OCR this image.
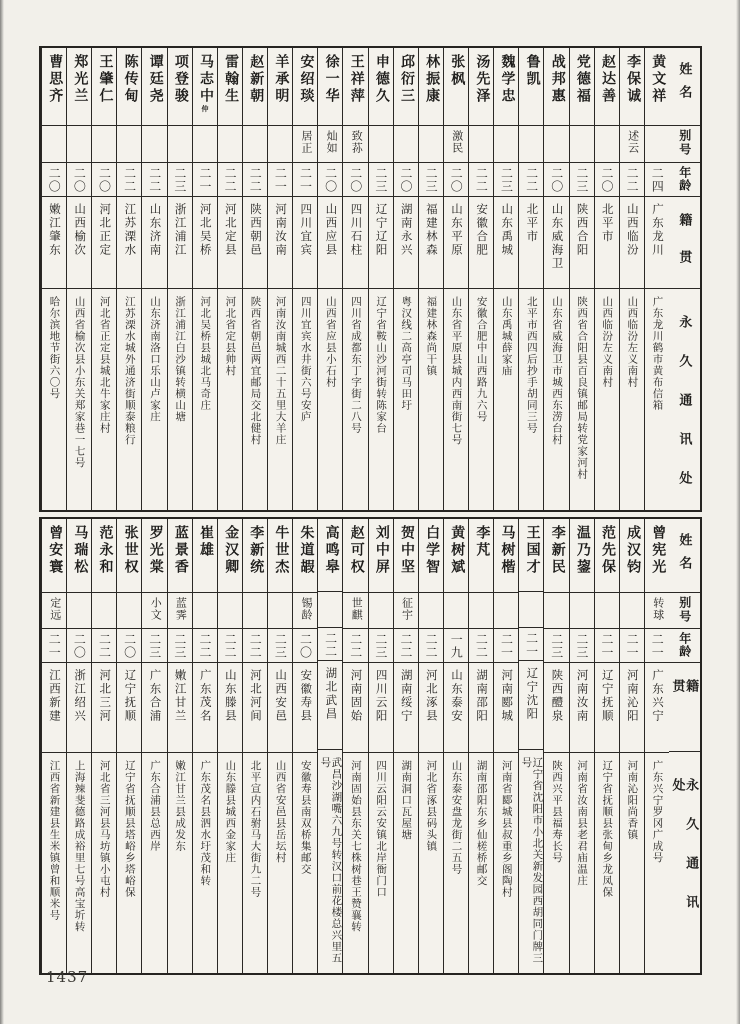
姓名
别号
年龄
籍贯
永久通讯处
黄文祥
二四
广东龙川
广东龙川鹤市黄布信箱
李保诚
述云
二二
山西临汾
山西临汾左义南村
赵达善
二〇
北平市
山西临汾左义南村
党德福
二三
陕西合阳
陕西省合阳县百良镇邮局转党家河村
战邦惠
二〇
山东威海卫
山东省威海卫市城西东涝台村
鲁凯
二二
北平市
北平市西四后抄手胡同三号
魏学忠
二三
山东禹城
山东禹城薛家庙
汤先泽
二二
安徽合肥
安徽合肥中山西路九六号
张枫
激民
二〇
山东平原
山东省平原县城内西南街七号
林振康
二三
福建林森
福建林森尚干镇
邱衍三
二〇
湖南永兴
粤汉线二高亭司马田圩
申德久
二三
辽宁辽阳
辽宁省鞍山沙河街转陈家台
王祥萍
致荪
二〇
四川石柱
四川省成都东丁字街二八号
徐一华
灿如
二〇
山西应县
山西省应县小石村
安绍琰
居正
二一
四川宜宾
四川宜宾水井街六号安庐
羊承明
二一
河南汝南
河南汝南城西二十五里大羊庄
赵新朝
二二
陕西朝邑
陕西省朝邑两宜邮局交北健村
雷翰生
二二
河北定县
河北省定县帅村
马志中仲
二一
河北吴桥
河北吴桥县城北马奇庄
项登骏
二三
浙江浦江
浙江浦江白沙镇转横山塘
谭廷尧
二二
山东济南
山东济南洛口乐山卢家庄
陈传甸
二二
江苏溧水
江苏溧水城外通济街顺泰粮行
王肇仁
二〇
河北正定
河北省正定县城北牛家庄村
郑光兰
二〇
山西榆次
山西省榆次县小东关郑家巷一七号
曹思齐
二〇
嫩江肇东
哈尔滨地节街六〇号
姓名
别号
年龄
籍贯
永久通讯处
曾宪光
转球
二一
广东兴宁
广东兴宁罗冈广成号
成汉钧
二一
河南沁阳
河南沁阳尚香镇
范先保
二一
辽宁抚顺
辽宁省抚顺县张甸乡龙凤保
温乃鋆
二三
河南汝南
河南省汝南县老君庙温庄
李新民
二三
陕西醴泉
陕西兴平县福寿长号
王国才
二一
辽宁沈阳
辽宁省沈阳市小北关新发园西胡同门牌三号
马树楷
二一
河南郾城
河南省郾城县叔重乡阁陶村
李芃
二二
湖南邵阳
湖南邵阳东乡仙槎桥邮交
黄树斌
一九
山东泰安
山东泰安盘龙街二五号
白学智
二二
河北涿县
河北省涿县码头镇
贺中坚
征宇
二二
湖南绥宁
湖南洞口瓦屋塘
刘中屏
二三
四川云阳
四川云阳云安镇北岸衙门口
赵可权
世麒
二二
河南固始
河南固始县东关七株树巷王赞襄转
高鸣皋
二二
湖北武昌
武昌沙湖嘴六九号转汉口前花楼总兴里五号
朱道嘏
锡龄
二〇
安徽寿县
安徽寿县南双桥集邮交
牛世杰
二三
山西安邑
山西省安邑县岳坛村
李新统
二二
河北河间
北平宣内石驸马大街九二号
金汉卿
二二
山东滕县
山东滕县城西金家庄
崔雄
二二
广东茂名
广东茂名县泗水圩茂和转
蓝景香
蓝霁
二三
嫩江甘兰
嫩江甘兰县成发东
罗光棠
小文
二三
广东合浦
广东合浦县总西岸
张世权
二〇
辽宁抚顺
辽宁省抚顺县塔峪乡塔峪保
范永和
二二
河北三河
河北省三河县马坊镇小屯村
马瑞松
二〇
浙江绍兴
上海辣斐德路成裕里七号高宝圻转
曾安寰
定远
二一
江西新建
江西省新建县生米镇曾和顺米号
1437
